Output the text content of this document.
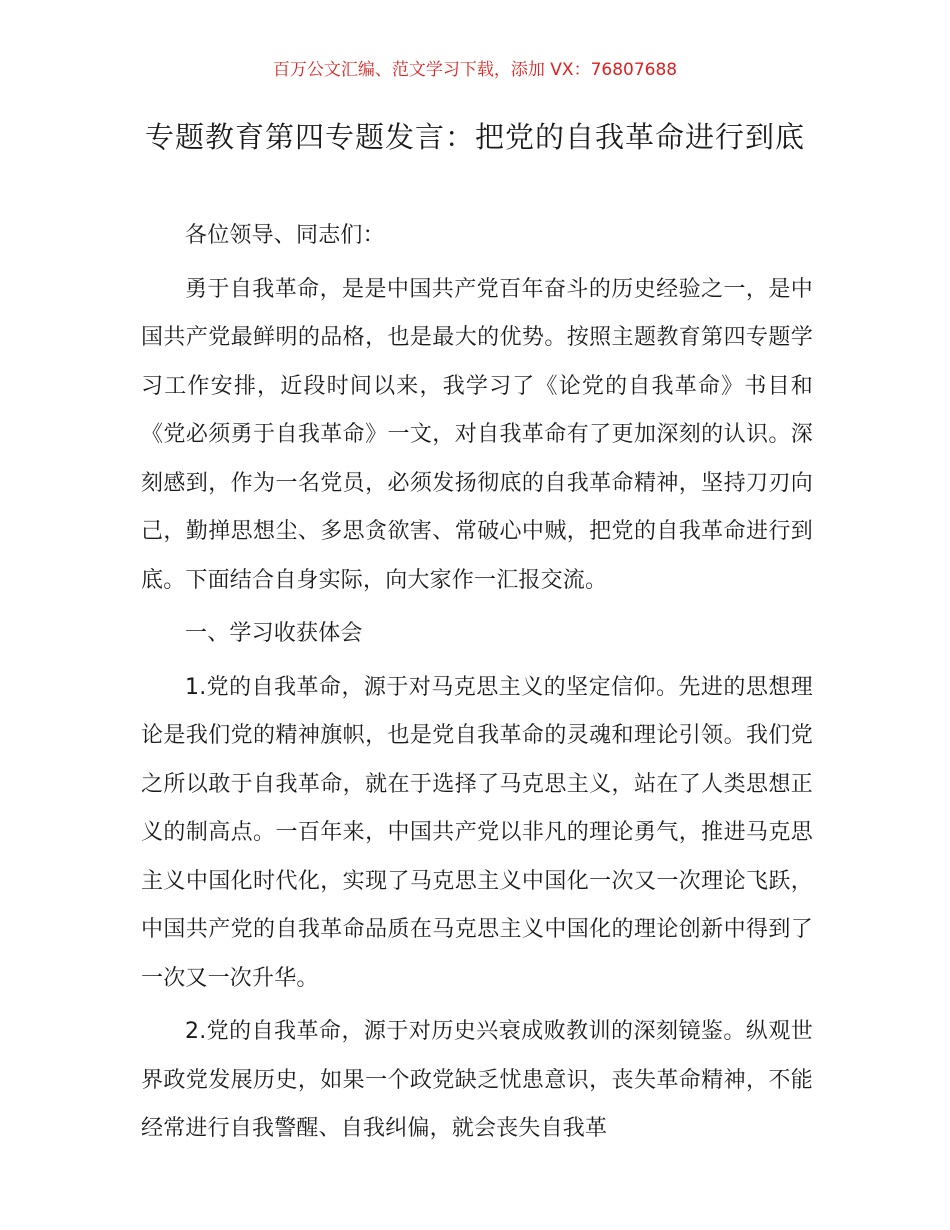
百万公文汇编、范文学习下载，添加 VX：76807688
专题教育第四专题发言：把党的自我革命进行到底

各位领导、同志们：

勇于自我革命，是是中国共产党百年奋斗的历史经验之一，是中国共产党最鲜明的品格，也是最大的优势。按照主题教育第四专题学习工作安排，近段时间以来，我学习了《论党的自我革命》书目和《党必须勇于自我革命》一文，对自我革命有了更加深刻的认识。深刻感到，作为一名党员，必须发扬彻底的自我革命精神，坚持刀刃向己，勤掸思想尘、多思贪欲害、常破心中贼，把党的自我革命进行到底。下面结合自身实际，向大家作一汇报交流。

一、学习收获体会

1.党的自我革命，源于对马克思主义的坚定信仰。先进的思想理论是我们党的精神旗帜，也是党自我革命的灵魂和理论引领。我们党之所以敢于自我革命，就在于选择了马克思主义，站在了人类思想正义的制高点。一百年来，中国共产党以非凡的理论勇气，推进马克思主义中国化时代化，实现了马克思主义中国化一次又一次理论飞跃，中国共产党的自我革命品质在马克思主义中国化的理论创新中得到了一次又一次升华。

2.党的自我革命，源于对历史兴衰成败教训的深刻镜鉴。纵观世界政党发展历史，如果一个政党缺乏忧患意识，丧失革命精神，不能经常进行自我警醒、自我纠偏，就会丧失自我革
